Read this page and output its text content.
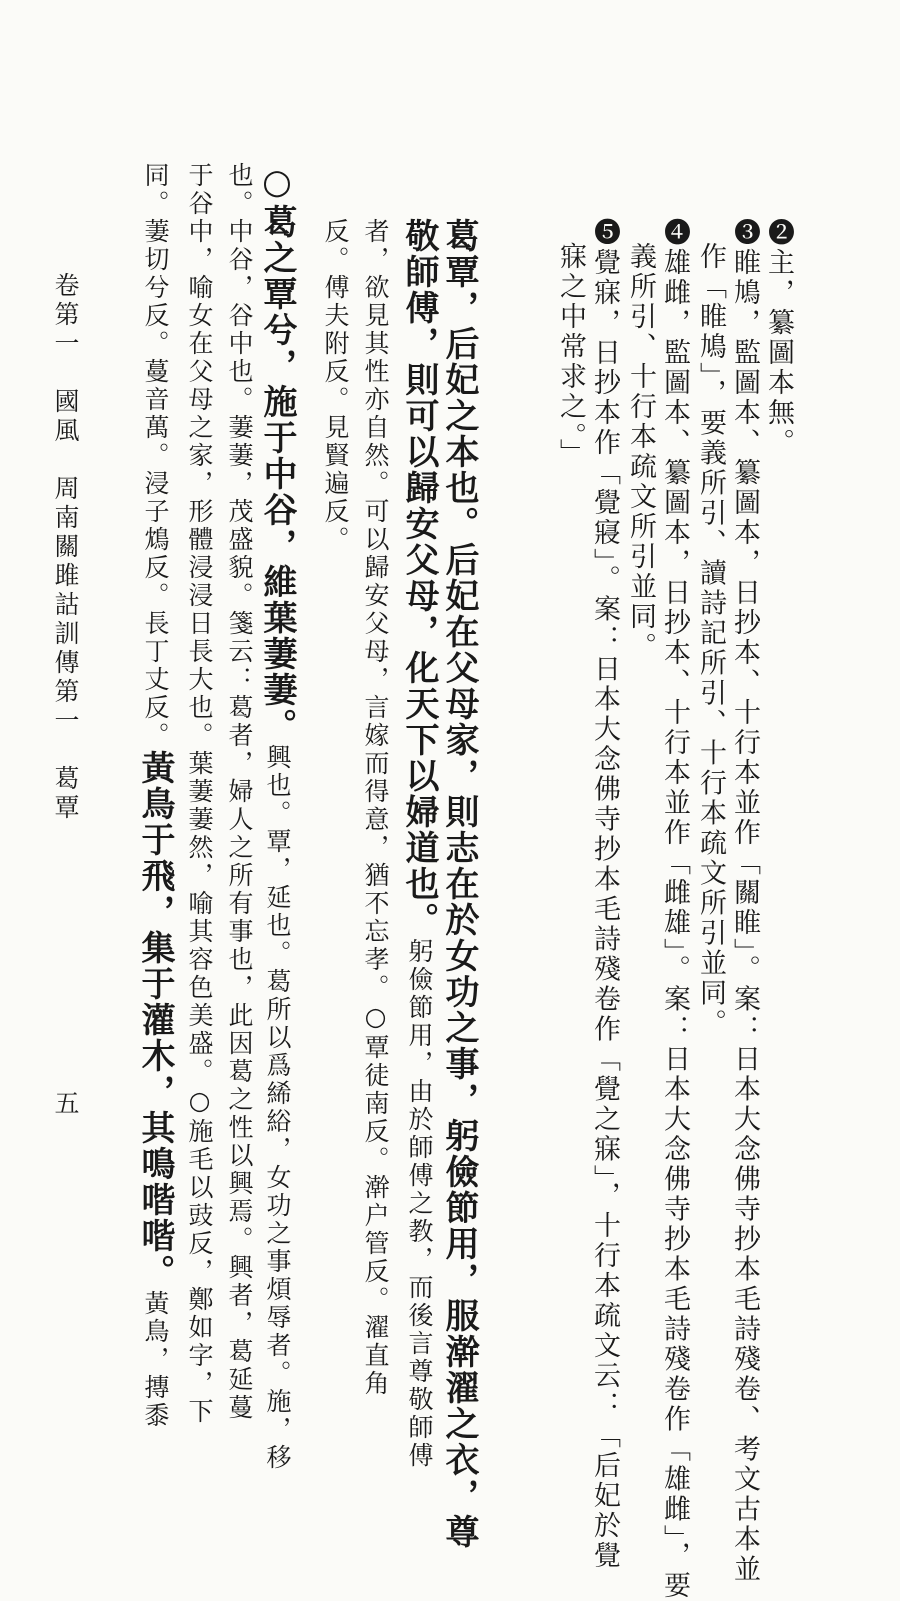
❷主，纂圖本無。
❸睢鳩，監圖本、纂圖本，日抄本、十行本並作「關睢」。案：日本大念佛寺抄本毛詩殘卷、考文古本並
作「睢鳩」，要義所引、讀詩記所引、十行本疏文所引並同。
❹雄雌，監圖本、纂圖本，日抄本、十行本並作「雌雄」。案：日本大念佛寺抄本毛詩殘卷作「雄雌」，要
義所引、十行本疏文所引並同。
❺覺寐，日抄本作「覺寢」。案：日本大念佛寺抄本毛詩殘卷作「覺之寐」，十行本疏文云：「后妃於覺
寐之中常求之。」
葛覃，后妃之本也。后妃在父母家，則志在於女功之事，躬儉節用，服澣濯之衣，尊
敬師傅，則可以歸安父母，化天下以婦道也。躬儉節用，由於師傅之教，而後言尊敬師傅
者，欲見其性亦自然。可以歸安父母，言嫁而得意，猶不忘孝。○覃徒南反。澣户管反。濯直角
反。傅夫附反。見賢遍反。
○葛之覃兮，施于中谷，維葉萋萋。興也。覃，延也。葛所以爲絺綌，女功之事煩辱者。施，移
也。中谷，谷中也。萋萋，茂盛貌。箋云：葛者，婦人之所有事也，此因葛之性以興焉。興者，葛延蔓
于谷中，喻女在父母之家，形體浸浸日長大也。葉萋萋然，喻其容色美盛。○施毛以豉反，鄭如字，下
同。萋切兮反。蔓音萬。浸子鴆反。長丁丈反。黃鳥于飛，集于灌木，其鳴喈喈。黃鳥，摶黍
卷第一　國風　周南關雎詁訓傳第一　葛覃
五
